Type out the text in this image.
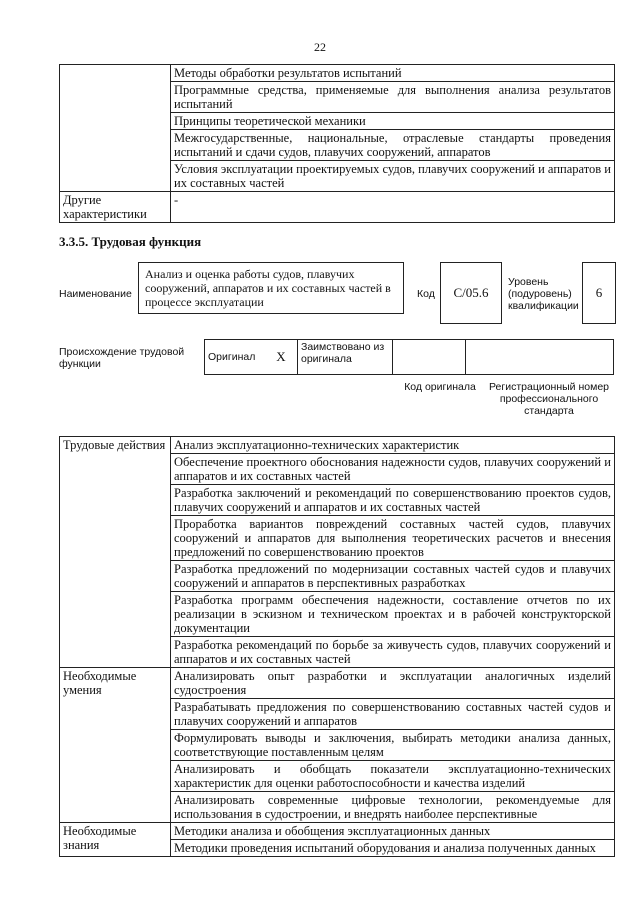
22
	Методы обработки результатов испытаний
	Программные средства, применяемые для выполнения анализа результатов испытаний
	Принципы теоретической механики
	Межгосударственные, национальные, отраслевые стандарты проведения испытаний и сдачи судов, плавучих сооружений, аппаратов
	Условия эксплуатации проектируемых судов, плавучих сооружений и аппаратов и их составных частей
Другие характеристики	-
3.3.5. Трудовая функция
Наименование
Анализ и оценка работы судов, плавучих сооружений, аппаратов и их составных частей в процессе эксплуатации
Код	C/05.6
Уровень (подуровень) квалификации
6
Происхождение трудовой функции
Оригинал	X	Заимствовано из оригинала		
Код оригинала	Регистрационный номер профессионального стандарта
Трудовые действия	Анализ эксплуатационно-технических характеристик
	Обеспечение проектного обоснования надежности судов, плавучих сооружений и аппаратов и их составных частей
	Разработка заключений и рекомендаций по совершенствованию проектов судов, плавучих сооружений и аппаратов и их составных частей
	Проработка вариантов повреждений составных частей судов, плавучих сооружений и аппаратов для выполнения теоретических расчетов и внесения предложений по совершенствованию проектов
	Разработка предложений по модернизации составных частей судов и плавучих сооружений и аппаратов в перспективных разработках
	Разработка программ обеспечения надежности, составление отчетов по их реализации в эскизном и техническом проектах и в рабочей конструкторской документации
	Разработка рекомендаций по борьбе за живучесть судов, плавучих сооружений и аппаратов и их составных частей
Необходимые умения	Анализировать опыт разработки и эксплуатации аналогичных изделий судостроения
	Разрабатывать предложения по совершенствованию составных частей судов и плавучих сооружений и аппаратов
	Формулировать выводы и заключения, выбирать методики анализа данных, соответствующие поставленным целям
	Анализировать и обобщать показатели эксплуатационно-технических характеристик для оценки работоспособности и качества изделий
	Анализировать современные цифровые технологии, рекомендуемые для использования в судостроении, и внедрять наиболее перспективные
Необходимые знания	Методики анализа и обобщения эксплуатационных данных
	Методики проведения испытаний оборудования и анализа полученных данных
